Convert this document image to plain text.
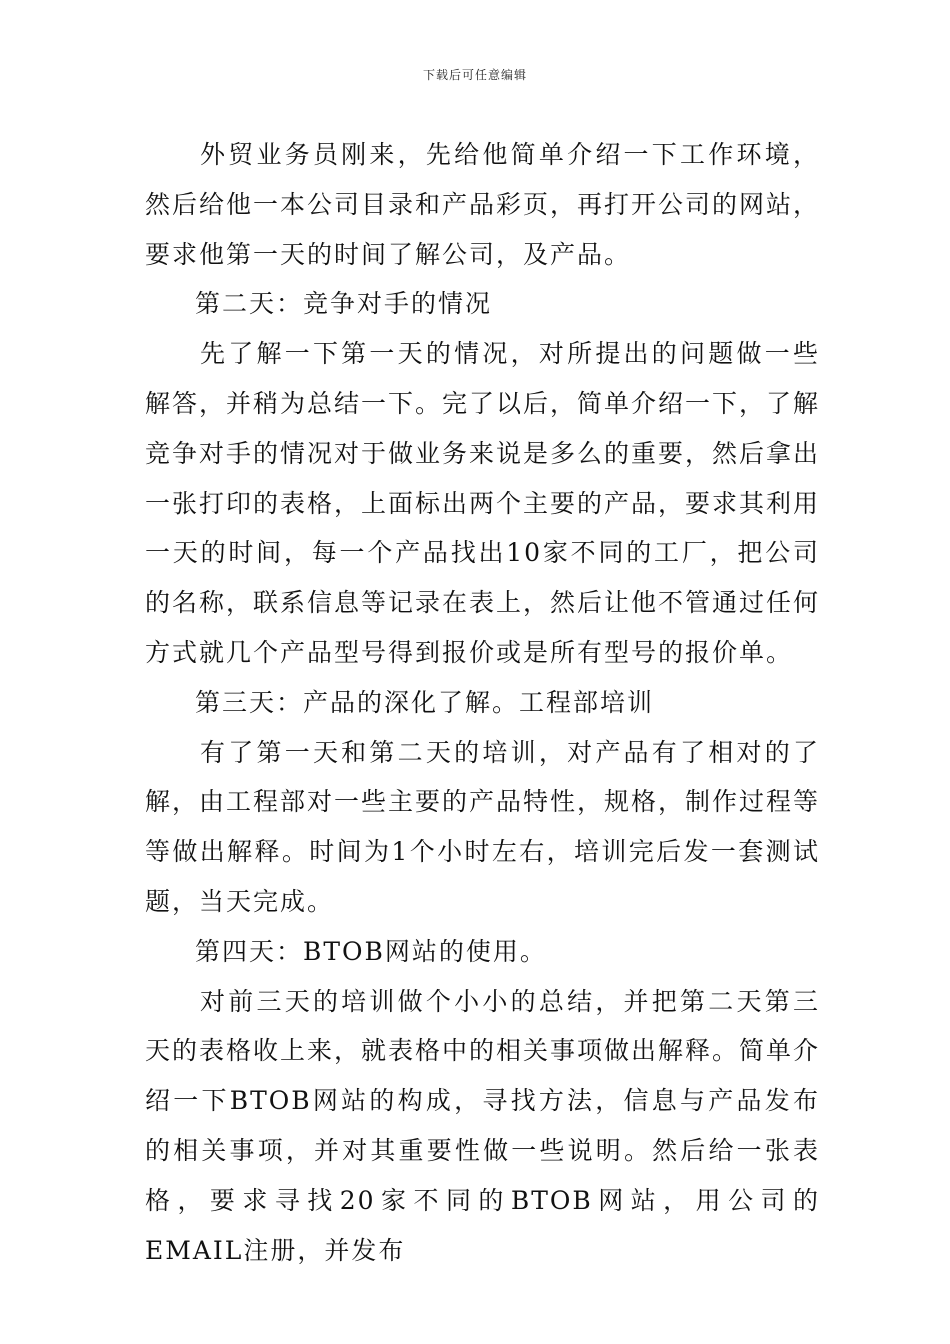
下载后可任意编辑

外贸业务员刚来，先给他简单介绍一下工作环境，然后给他一本公司目录和产品彩页，再打开公司的网站，要求他第一天的时间了解公司，及产品。

第二天：竞争对手的情况

先了解一下第一天的情况，对所提出的问题做一些解答，并稍为总结一下。完了以后，简单介绍一下，了解竞争对手的情况对于做业务来说是多么的重要，然后拿出一张打印的表格，上面标出两个主要的产品，要求其利用一天的时间，每一个产品找出10家不同的工厂，把公司的名称，联系信息等记录在表上，然后让他不管通过任何方式就几个产品型号得到报价或是所有型号的报价单。

第三天：产品的深化了解。工程部培训

有了第一天和第二天的培训，对产品有了相对的了解，由工程部对一些主要的产品特性，规格，制作过程等等做出解释。时间为1个小时左右，培训完后发一套测试题，当天完成。

第四天：BTOB网站的使用。

对前三天的培训做个小小的总结，并把第二天第三天的表格收上来，就表格中的相关事项做出解释。简单介绍一下BTOB网站的构成，寻找方法，信息与产品发布的相关事项，并对其重要性做一些说明。然后给一张表格，要求寻找20家不同的BTOB网站，用公司的EMAIL注册，并发布
